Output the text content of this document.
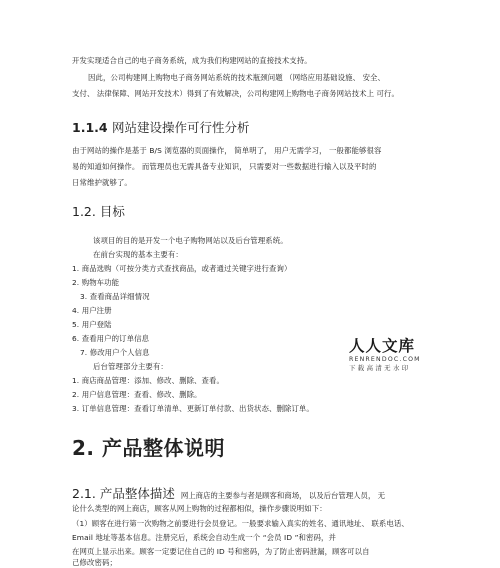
开发实现适合自己的电子商务系统，成为我们构建网站的直接技术支持。
因此，公司构建网上购物电子商务网站系统的技术瓶颈问题 （网络应用基础设施、 安全、
支付、 法律保障、网站开发技术）得到了有效解决，公司构建网上购物电子商务网站技术上 可行。
1.1.4 网站建设操作可行性分析
由于网站的操作是基于 B/S 浏览器的页面操作， 简单明了， 用户无需学习， 一般都能够很容
易的知道如何操作。 而管理员也无需具备专业知识， 只需要对一些数据进行输入以及平时的
日常维护就够了。
1.2. 目标
该项目的目的是开发一个电子购物网站以及后台管理系统。
在前台实现的基本主要有：
1. 商品选购（可按分类方式查找商品，或者通过关键字进行查询）
2. 购物车功能
3. 查看商品详细情况
4. 用户注册
5. 用户登陆
6. 查看用户的订单信息
7. 修改用户个人信息
后台管理部分主要有：
1. 商店商品管理：添加、修改、删除、查看。
2. 用户信息管理：查看、修改、删除。
3. 订单信息管理：查看订单清单、更新订单付款、出货状态、删除订单。
人人文库
RENRENDOC.COM
下载高清无水印
2. 产品整体说明
2.1. 产品整体描述 网上商店的主要参与者是顾客和商场， 以及后台管理人员， 无
论什么类型的网上商店，顾客从网上购物的过程都相似，操作步骤说明如下：
（1）顾客在进行第一次购物之前要进行会员登记。一般要求输入真实的姓名、通讯地址、 联系电话、
Email 地址等基本信息。注册完后，系统会自动生成一个 “会员 ID ”和密码，并
在网页上显示出来。顾客一定要记住自己的 ID 号和密码，为了防止密码泄漏，顾客可以自
己修改密码；
